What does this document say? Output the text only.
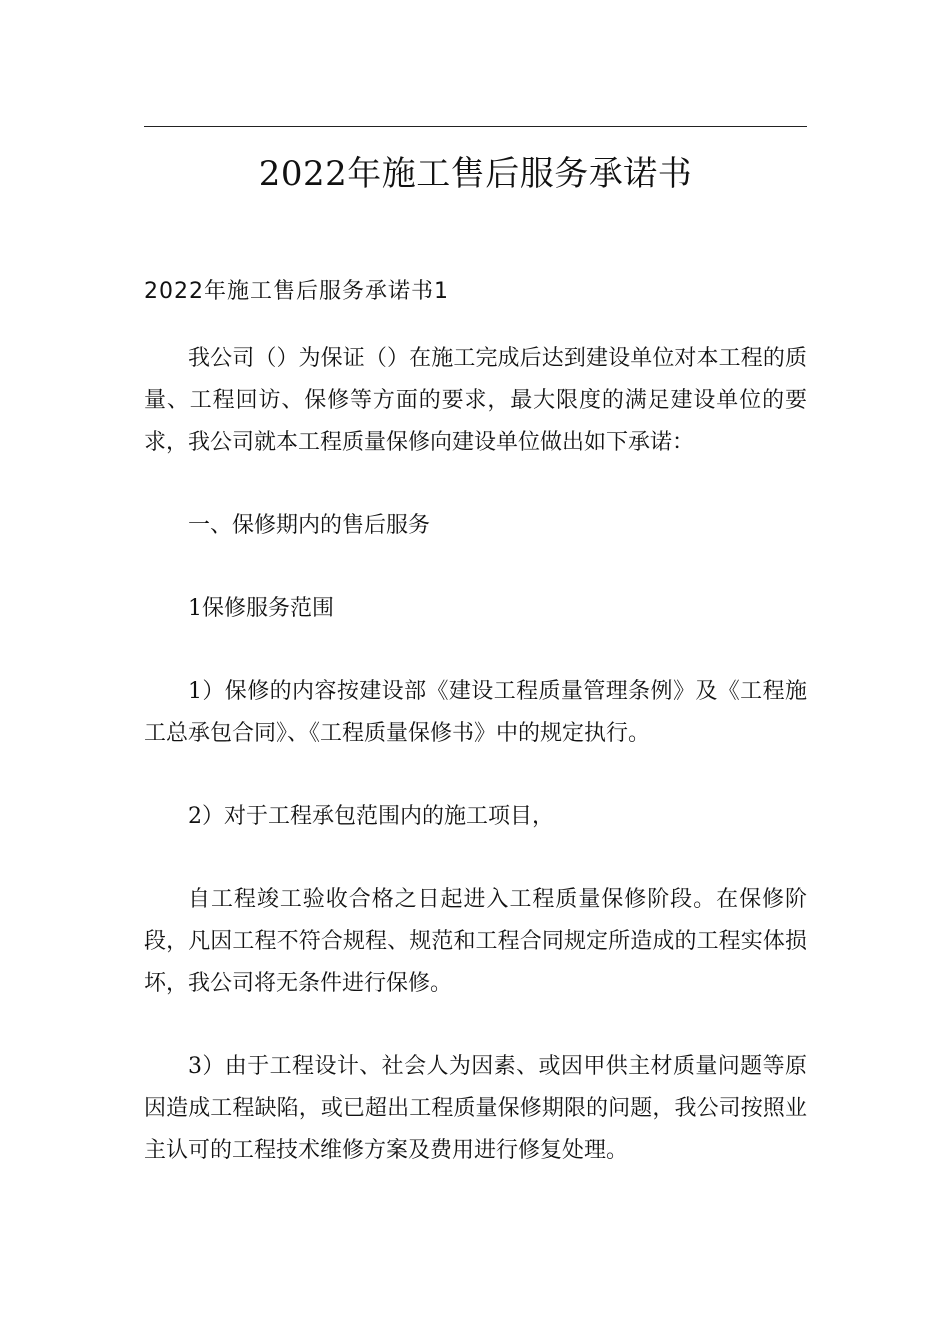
2022年施工售后服务承诺书
2022年施工售后服务承诺书1

我公司（）为保证（）在施工完成后达到建设单位对本工程的质量、工程回访、保修等方面的要求，最大限度的满足建设单位的要求，我公司就本工程质量保修向建设单位做出如下承诺：

一、保修期内的售后服务

1保修服务范围

1）保修的内容按建设部《建设工程质量管理条例》及《工程施工总承包合同》、《工程质量保修书》中的规定执行。

2）对于工程承包范围内的施工项目，

自工程竣工验收合格之日起进入工程质量保修阶段。在保修阶段，凡因工程不符合规程、规范和工程合同规定所造成的工程实体损坏，我公司将无条件进行保修。

3）由于工程设计、社会人为因素、或因甲供主材质量问题等原因造成工程缺陷，或已超出工程质量保修期限的问题，我公司按照业主认可的工程技术维修方案及费用进行修复处理。
